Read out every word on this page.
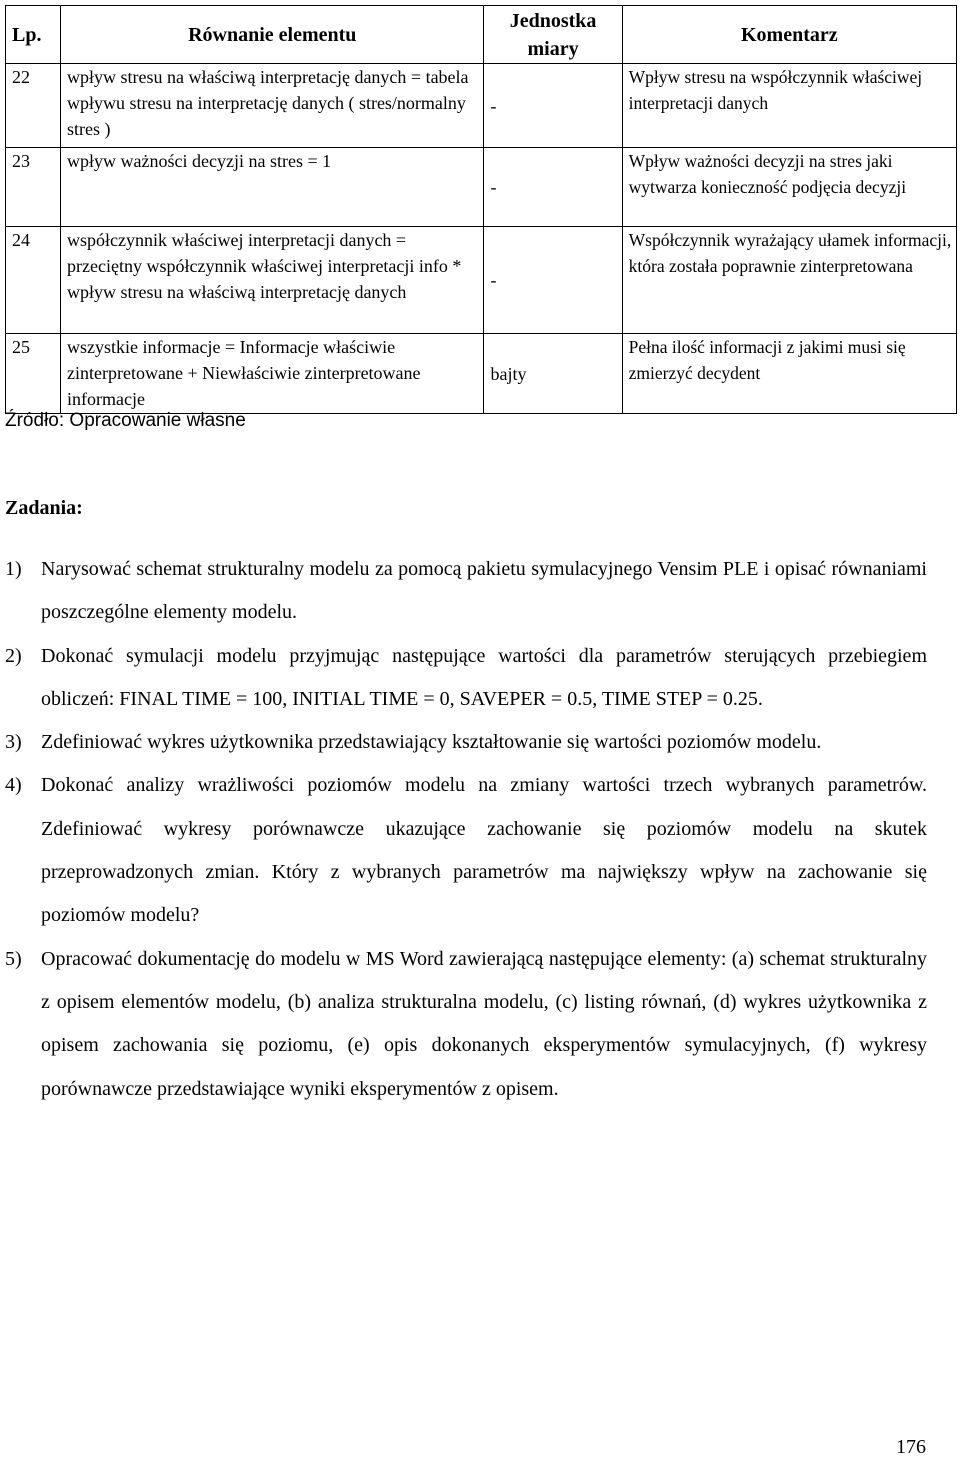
Lp.	Równanie elementu	Jednostka miary	Komentarz
22	wpływ stresu na właściwą interpretację danych = tabela wpływu stresu na interpretację danych ( stres/normalny stres )	-	Wpływ stresu na współczynnik właściwej interpretacji danych
23	wpływ ważności decyzji na stres = 1	-	Wpływ ważności decyzji na stres jaki wytwarza konieczność podjęcia decyzji
24	współczynnik właściwej interpretacji danych = przeciętny współczynnik właściwej interpretacji info * wpływ stresu na właściwą interpretację danych	-	Współczynnik wyrażający ułamek informacji, która została poprawnie zinterpretowana
25	wszystkie informacje = Informacje właściwie zinterpretowane + Niewłaściwie zinterpretowane informacje	bajty	Pełna ilość informacji z jakimi musi się zmierzyć decydent
Źródło: Opracowanie własne
Zadania:
1) Narysować schemat strukturalny modelu za pomocą pakietu symulacyjnego Vensim PLE i opisać równaniami poszczególne elementy modelu.
2) Dokonać symulacji modelu przyjmując następujące wartości dla parametrów sterujących przebiegiem obliczeń: FINAL TIME = 100, INITIAL TIME = 0, SAVEPER = 0.5, TIME STEP = 0.25.
3) Zdefiniować wykres użytkownika przedstawiający kształtowanie się wartości poziomów modelu.
4) Dokonać analizy wrażliwości poziomów modelu na zmiany wartości trzech wybranych parametrów. Zdefiniować wykresy porównawcze ukazujące zachowanie się poziomów modelu na skutek przeprowadzonych zmian. Który z wybranych parametrów ma największy wpływ na zachowanie się poziomów modelu?
5) Opracować dokumentację do modelu w MS Word zawierającą następujące elementy: (a) schemat strukturalny z opisem elementów modelu, (b) analiza strukturalna modelu, (c) listing równań, (d) wykres użytkownika z opisem zachowania się poziomu, (e) opis dokonanych eksperymentów symulacyjnych, (f) wykresy porównawcze przedstawiające wyniki eksperymentów z opisem.
176
